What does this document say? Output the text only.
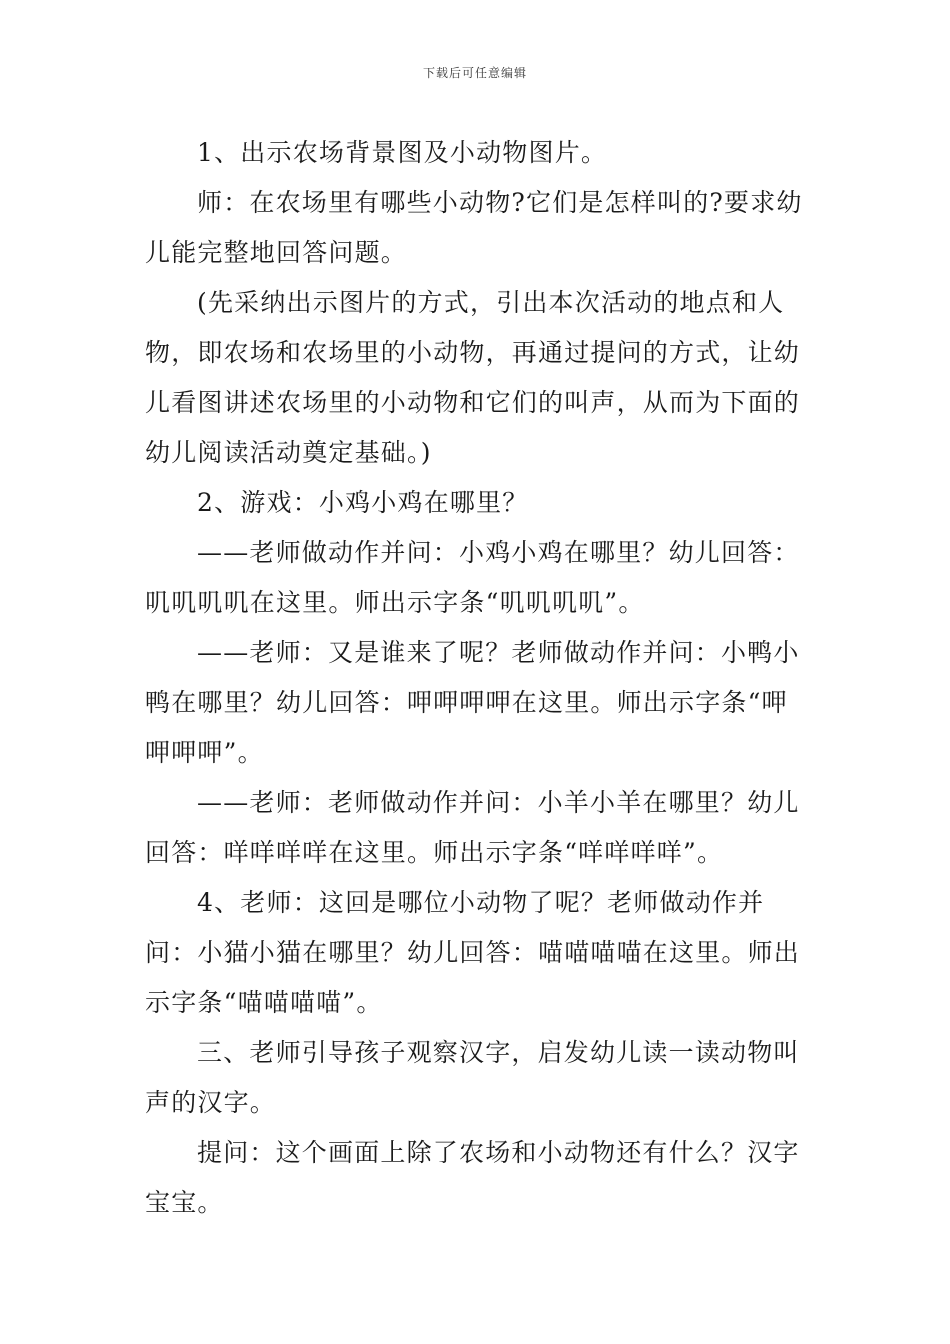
下载后可任意编辑

1、出示农场背景图及小动物图片。

师：在农场里有哪些小动物?它们是怎样叫的?要求幼儿能完整地回答问题。

(先采纳出示图片的方式，引出本次活动的地点和人物，即农场和农场里的小动物，再通过提问的方式，让幼儿看图讲述农场里的小动物和它们的叫声，从而为下面的幼儿阅读活动奠定基础。)

2、游戏：小鸡小鸡在哪里？

——老师做动作并问：小鸡小鸡在哪里？幼儿回答：叽叽叽叽在这里。师出示字条“叽叽叽叽”。

——老师：又是谁来了呢？老师做动作并问：小鸭小鸭在哪里？幼儿回答：呷呷呷呷在这里。师出示字条“呷呷呷呷”。

——老师：老师做动作并问：小羊小羊在哪里？幼儿回答：咩咩咩咩在这里。师出示字条“咩咩咩咩”。

4、老师：这回是哪位小动物了呢？老师做动作并问：小猫小猫在哪里？幼儿回答：喵喵喵喵在这里。师出示字条“喵喵喵喵”。

三、老师引导孩子观察汉字，启发幼儿读一读动物叫声的汉字。

提问：这个画面上除了农场和小动物还有什么？汉字宝宝。
